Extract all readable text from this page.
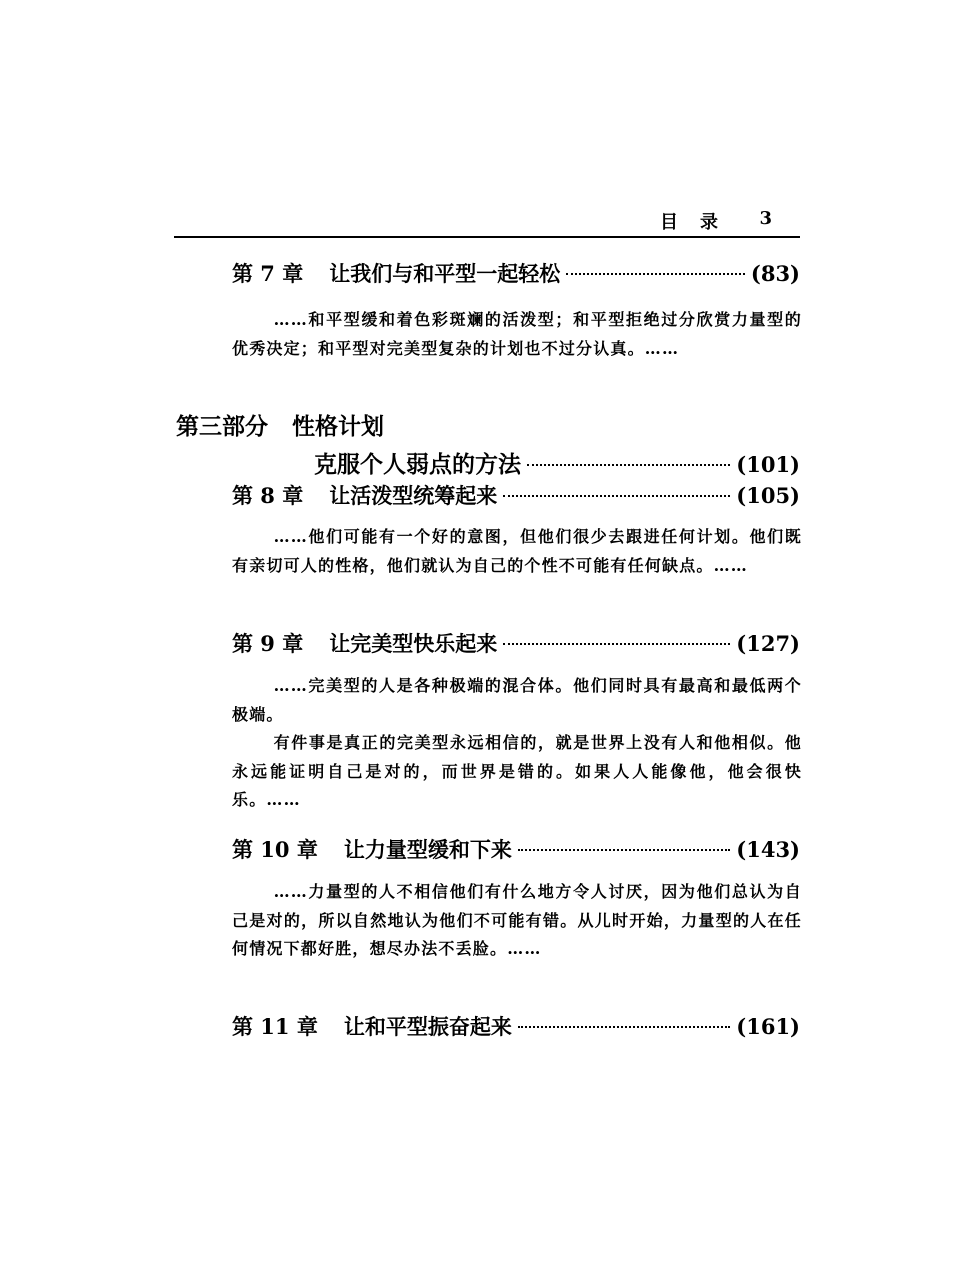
目录 3
第 7 章 让我们与和平型一起轻松	(83)

……和平型缓和着色彩斑斓的活泼型；和平型拒绝过分欣赏力量型的优秀决定；和平型对完美型复杂的计划也不过分认真。……

第三部分 性格计划
克服个人弱点的方法	(101)
第 8 章 让活泼型统筹起来	(105)

……他们可能有一个好的意图，但他们很少去跟进任何计划。他们既有亲切可人的性格，他们就认为自己的个性不可能有任何缺点。……

第 9 章 让完美型快乐起来	(127)

……完美型的人是各种极端的混合体。他们同时具有最高和最低两个极端。

有件事是真正的完美型永远相信的，就是世界上没有人和他相似。他永远能证明自己是对的，而世界是错的。如果人人能像他，他会很快乐。……

第 10 章 让力量型缓和下来	(143)

……力量型的人不相信他们有什么地方令人讨厌，因为他们总认为自己是对的，所以自然地认为他们不可能有错。从儿时开始，力量型的人在任何情况下都好胜，想尽办法不丢脸。……

第 11 章 让和平型振奋起来	(161)
